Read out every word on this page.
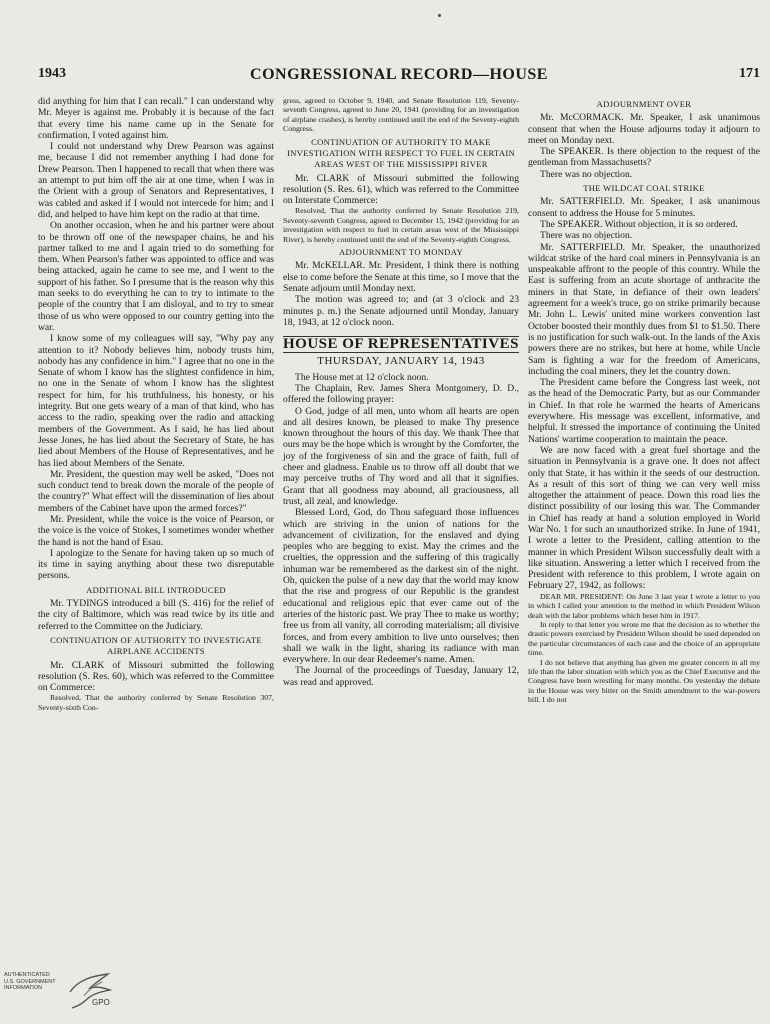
1943	CONGRESSIONAL RECORD—HOUSE	171

did anything for him that I can recall." I can understand why Mr. Meyer is against me. Probably it is because of the fact that every time his name came up in the Senate for confirmation, I voted against him.

I could not understand why Drew Pearson was against me, because I did not remember anything I had done for Drew Pearson. Then I happened to recall that when there was an attempt to put him off the air at one time, when I was in the Orient with a group of Senators and Representatives, I was cabled and asked if I would not intercede for him; and I did, and helped to have him kept on the radio at that time.

On another occasion, when he and his partner were about to be thrown off one of the newspaper chains, he and his partner talked to me and I again tried to do something for them. When Pearson's father was appointed to office and was being attacked, again he came to see me, and I went to the support of his father. So I presume that is the reason why this man seeks to do everything he can to try to intimate to the people of the country that I am disloyal, and to try to smear those of us who were opposed to our country getting into the war.

I know some of my colleagues will say, "Why pay any attention to it? Nobody believes him, nobody trusts him, nobody has any confidence in him." I agree that no one in the Senate of whom I know has the slightest confidence in him, no one in the Senate of whom I know has the slightest respect for him, for his truthfulness, his honesty, or his integrity. But one gets weary of a man of that kind, who has access to the radio, speaking over the radio and attacking members of the Government. As I said, he has lied about Jesse Jones, he has lied about the Secretary of State, he has lied about Members of the House of Representatives, and he has lied about Members of the Senate.

Mr. President, the question may well be asked, "Does not such conduct tend to break down the morale of the people of the country?" What effect will the dissemination of lies about members of the Cabinet have upon the armed forces?"

Mr. President, while the voice is the voice of Pearson, or the voice is the voice of Stokes, I sometimes wonder whether the hand is not the hand of Esau.

I apologize to the Senate for having taken up so much of its time in saying anything about these two disreputable persons.

ADDITIONAL BILL INTRODUCED

Mr. TYDINGS introduced a bill (S. 416) for the relief of the city of Baltimore, which was read twice by its title and referred to the Committee on the Judiciary.

CONTINUATION OF AUTHORITY TO INVESTIGATE AIRPLANE ACCIDENTS

Mr. CLARK of Missouri submitted the following resolution (S. Res. 60), which was referred to the Committee on Commerce:

Resolved, That the authority conferred by Senate Resolution 307, Seventy-sixth Con-

gress, agreed to October 9, 1940, and Senate Resolution 119, Seventy-seventh Congress, agreed to June 20, 1941 (providing for an investigation of airplane crashes), is hereby continued until the end of the Seventy-eighth Congress.

CONTINUATION OF AUTHORITY TO MAKE INVESTIGATION WITH RESPECT TO FUEL IN CERTAIN AREAS WEST OF THE MISSISSIPPI RIVER

Mr. CLARK of Missouri submitted the following resolution (S. Res. 61), which was referred to the Committee on Interstate Commerce:

Resolved, That the authority conferred by Senate Resolution 219, Seventy-seventh Congress, agreed to December 15, 1942 (providing for an investigation with respect to fuel in certain areas west of the Mississippi River), is hereby continued until the end of the Seventy-eighth Congress.

ADJOURNMENT TO MONDAY

Mr. McKELLAR. Mr. President, I think there is nothing else to come before the Senate at this time, so I move that the Senate adjourn until Monday next.

The motion was agreed to; and (at 3 o'clock and 23 minutes p. m.) the Senate adjourned until Monday, January 18, 1943, at 12 o'clock noon.

HOUSE OF REPRESENTATIVES
THURSDAY, JANUARY 14, 1943

The House met at 12 o'clock noon.

The Chaplain, Rev. James Shera Montgomery, D. D., offered the following prayer:

O God, judge of all men, unto whom all hearts are open and all desires known, be pleased to make Thy presence known throughout the hours of this day. We thank Thee that ours may be the hope which is wrought by the Comforter, the joy of the forgiveness of sin and the grace of faith, full of cheer and gladness. Enable us to throw off all doubt that we may perceive truths of Thy word and all that it signifies. Grant that all goodness may abound, all graciousness, all trust, all zeal, and knowledge.

Blessed Lord, God, do Thou safeguard those influences which are striving in the union of nations for the advancement of civilization, for the enslaved and dying peoples who are begging to exist. May the crimes and the cruelties, the oppression and the suffering of this tragically inhuman war be remembered as the darkest sin of the night. Oh, quicken the pulse of a new day that the world may know that the rise and progress of our Republic is the grandest educational and religious epic that ever came out of the arteries of the historic past. We pray Thee to make us worthy; free us from all vanity, all corroding materialism; all divisive forces, and from every ambition to live unto ourselves; then shall we walk in the light, sharing its radiance with man everywhere. In our dear Redeemer's name. Amen.

The Journal of the proceedings of Tuesday, January 12, was read and approved.

ADJOURNMENT OVER

Mr. McCORMACK. Mr. Speaker, I ask unanimous consent that when the House adjourns today it adjourn to meet on Monday next.

The SPEAKER. Is there objection to the request of the gentleman from Massachusetts?

There was no objection.

THE WILDCAT COAL STRIKE

Mr. SATTERFIELD. Mr. Speaker, I ask unanimous consent to address the House for 5 minutes.

The SPEAKER. Without objection, it is so ordered.

There was no objection.

Mr. SATTERFIELD. Mr. Speaker, the unauthorized wildcat strike of the hard coal miners in Pennsylvania is an unspeakable affront to the people of this country. While the East is suffering from an acute shortage of anthracite the miners in that State, in defiance of their own leaders' agreement for a week's truce, go on strike primarily because Mr. John L. Lewis' united mine workers convention last October boosted their monthly dues from $1 to $1.50. There is no justification for such walk-out. In the lands of the Axis powers there are no strikes, but here at home, while Uncle Sam is fighting a war for the freedom of Americans, including the coal miners, they let the country down.

The President came before the Congress last week, not as the head of the Democratic Party, but as our Commander in Chief. In that role he warmed the hearts of Americans everywhere. His message was excellent, informative, and helpful. It stressed the importance of continuing the United Nations' wartime cooperation to maintain the peace.

We are now faced with a great fuel shortage and the situation in Pennsylvania is a grave one. It does not affect only that State, it has within it the seeds of our destruction. As a result of this sort of thing we can very well miss altogether the attainment of peace. Down this road lies the distinct possibility of our losing this war. The Commander in Chief has ready at hand a solution employed in World War No. 1 for such an unauthorized strike. In June of 1941, I wrote a letter to the President, calling attention to the manner in which President Wilson successfully dealt with a like situation. Answering a letter which I received from the President with reference to this problem, I wrote again on February 27, 1942, as follows:

DEAR MR. PRESIDENT: On June 3 last year I wrote a letter to you in which I called your attention to the method in which President Wilson dealt with the labor problems which beset him in 1917.

In reply to that letter you wrote me that the decision as to whether the drastic powers exercised by President Wilson should be used depended on the particular circumstances of each case and the choice of an appropriate time.

I do not believe that anything has given me greater concern in all my life than the labor situation with which you as the Chief Executive and the Congress have been wrestling for many months. On yesterday the debate in the House was very bitter on the Smith amendment to the war-powers bill. I do not

AUTHENTICATED
U.S. GOVERNMENT
INFORMATION
GPO
